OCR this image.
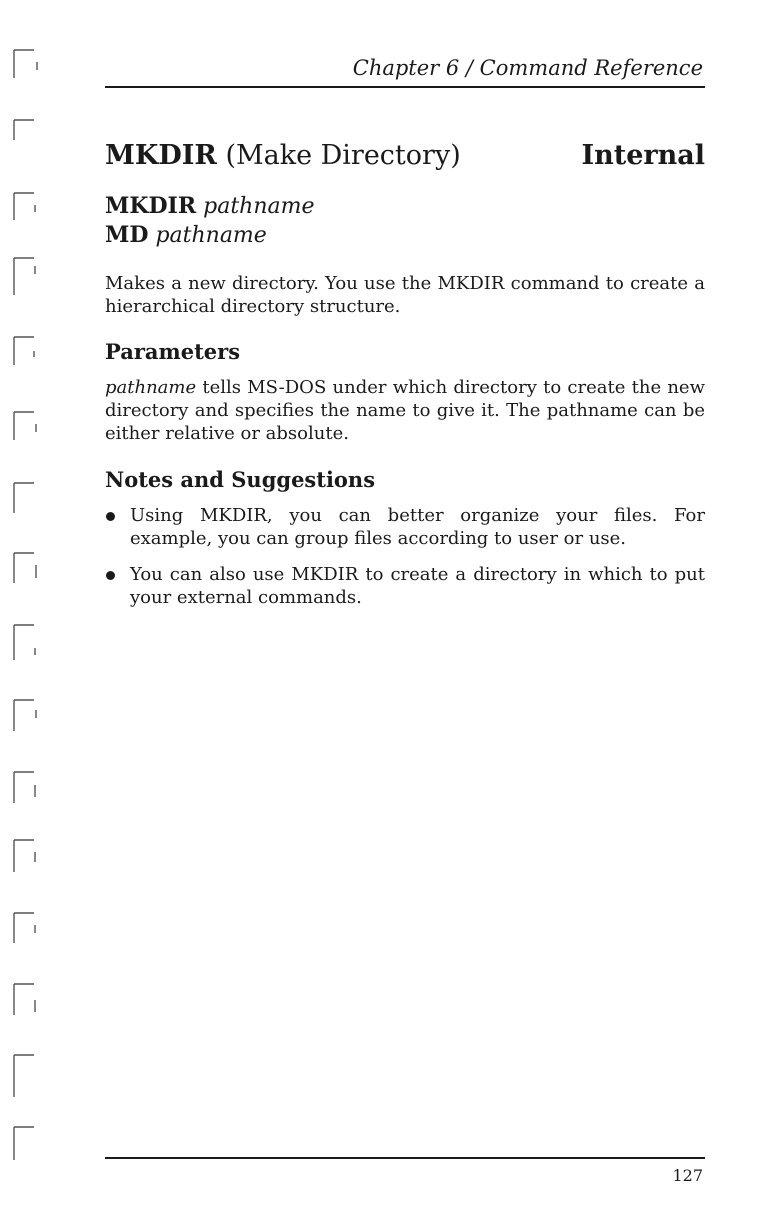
Chapter 6 / Command Reference
MKDIR (Make Directory)	Internal
MKDIR pathname
MD pathname

Makes a new directory. You use the MKDIR command to create a hierarchical directory structure.

Parameters

pathname tells MS-DOS under which directory to create the new directory and specifies the name to give it. The pathname can be either relative or absolute.

Notes and Suggestions
Using MKDIR, you can better organize your files. For example, you can group files according to user or use.
You can also use MKDIR to create a directory in which to put your external commands.
127
